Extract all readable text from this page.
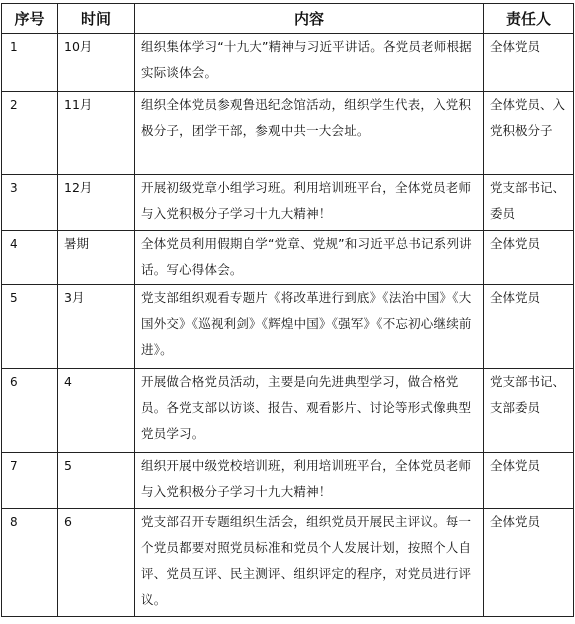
序号	时间	内容	责任人
1	10月	组织集体学习“十九大”精神与习近平讲话。各党员老师根据实际谈体会。	全体党员
2	11月	组织全体党员参观鲁迅纪念馆活动，组织学生代表，入党积极分子，团学干部，参观中共一大会址。	全体党员、入党积极分子
3	12月	开展初级党章小组学习班。利用培训班平台，全体党员老师与入党积极分子学习十九大精神！	党支部书记、委员
4	暑期	全体党员利用假期自学“党章、党规”和习近平总书记系列讲话。写心得体会。	全体党员
5	3月	党支部组织观看专题片《将改革进行到底》《法治中国》《大国外交》《巡视利剑》《辉煌中国》《强军》《不忘初心继续前进》。	全体党员
6	4	开展做合格党员活动，主要是向先进典型学习，做合格党员。各党支部以访谈、报告、观看影片、讨论等形式像典型党员学习。	党支部书记、支部委员
7	5	组织开展中级党校培训班，利用培训班平台，全体党员老师与入党积极分子学习十九大精神！	全体党员
8	6	党支部召开专题组织生活会，组织党员开展民主评议。每一个党员都要对照党员标准和党员个人发展计划，按照个人自评、党员互评、民主测评、组织评定的程序，对党员进行评议。	全体党员
